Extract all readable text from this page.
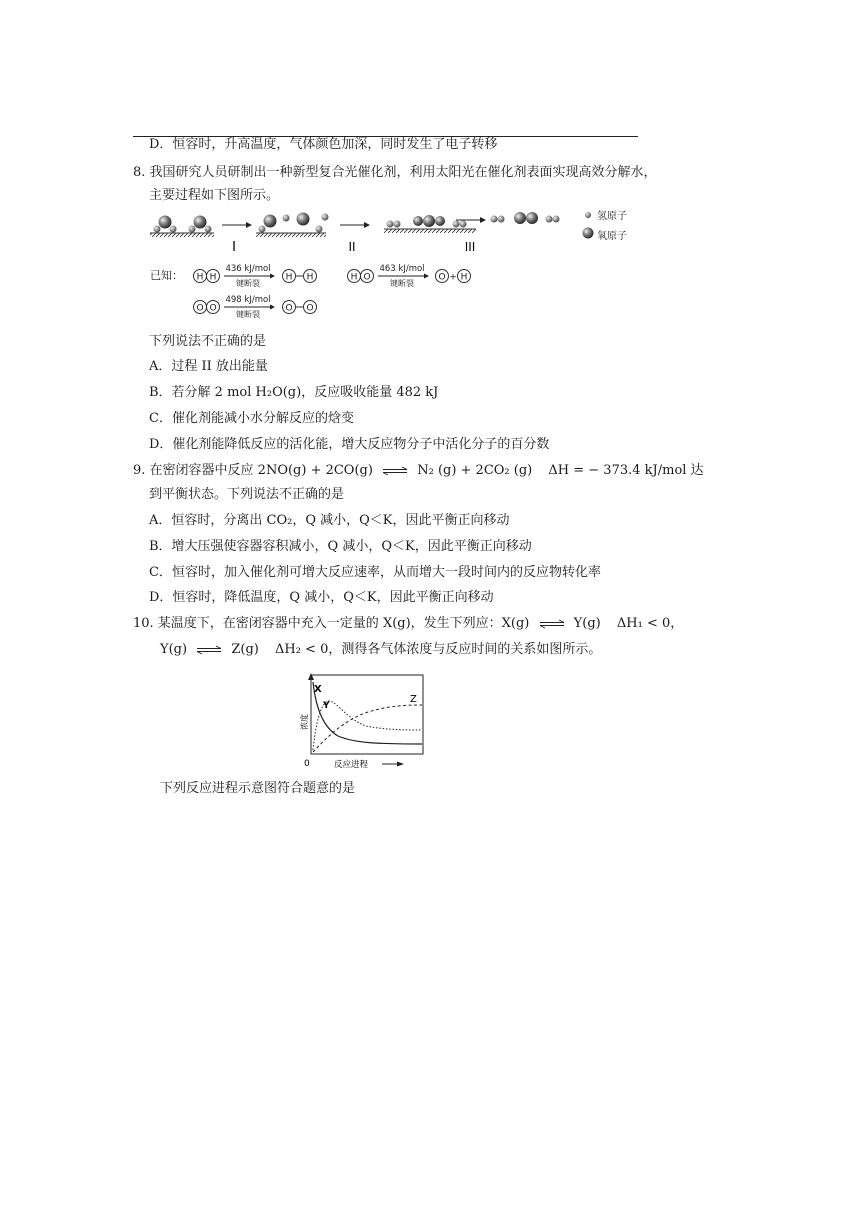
D．恒容时，升高温度，气体颜色加深，同时发生了电子转移
8. 我国研究人员研制出一种新型复合光催化剂，利用太阳光在催化剂表面实现高效分解水，
主要过程如下图所示。
I	II	III
氢原子
氧原子
已知： H H
436 kJ/mol
键断裂
H H	H O
463 kJ/mol
键断裂
O + H
O O
498 kJ/mol
键断裂
O O
下列说法不正确的是
A．过程 II 放出能量
B．若分解 2 mol H₂O(g)，反应吸收能量 482 kJ
C．催化剂能减小水分解反应的焓变
D．催化剂能降低反应的活化能，增大反应物分子中活化分子的百分数
9. 在密闭容器中反应 2NO(g) + 2CO(g) ⇌ N₂ (g) + 2CO₂ (g) ΔH = − 373.4 kJ/mol 达
到平衡状态。下列说法不正确的是
A．恒容时，分离出 CO₂，Q 减小，Q＜K，因此平衡正向移动
B．增大压强使容器容积减小，Q 减小，Q＜K，因此平衡正向移动
C．恒容时，加入催化剂可增大反应速率，从而增大一段时间内的反应物转化率
D．恒容时，降低温度，Q 减小，Q＜K，因此平衡正向移动
10. 某温度下，在密闭容器中充入一定量的 X(g)，发生下列应：X(g) ⇌ Y(g) ΔH₁ < 0，
Y(g) ⇌ Z(g) ΔH₂ < 0，测得各气体浓度与反应时间的关系如图所示。
X
Y
Z
浓度
0	反应进程
下列反应进程示意图符合题意的是
